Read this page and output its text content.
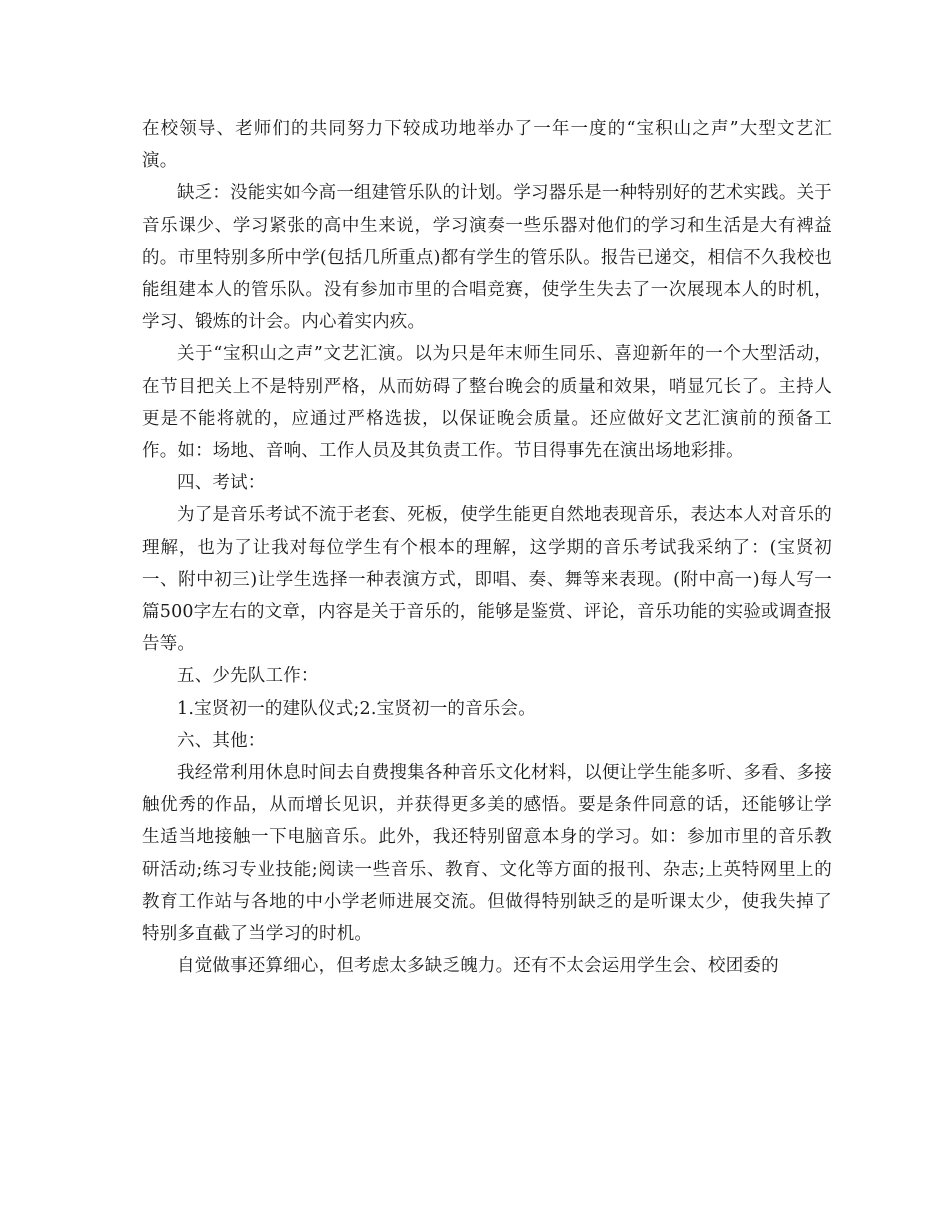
在校领导、老师们的共同努力下较成功地举办了一年一度的“宝积山之声”大型文艺汇演。

缺乏：没能实如今高一组建管乐队的计划。学习器乐是一种特别好的艺术实践。关于音乐课少、学习紧张的高中生来说，学习演奏一些乐器对他们的学习和生活是大有裨益的。市里特别多所中学(包括几所重点)都有学生的管乐队。报告已递交，相信不久我校也能组建本人的管乐队。没有参加市里的合唱竞赛，使学生失去了一次展现本人的时机，学习、锻炼的计会。内心着实内疚。

关于“宝积山之声”文艺汇演。以为只是年末师生同乐、喜迎新年的一个大型活动，在节目把关上不是特别严格，从而妨碍了整台晚会的质量和效果，哨显冗长了。主持人更是不能将就的，应通过严格选拔，以保证晚会质量。还应做好文艺汇演前的预备工作。如：场地、音响、工作人员及其负责工作。节目得事先在演出场地彩排。

四、考试：

为了是音乐考试不流于老套、死板，使学生能更自然地表现音乐，表达本人对音乐的理解，也为了让我对每位学生有个根本的理解，这学期的音乐考试我采纳了：(宝贤初一、附中初三)让学生选择一种表演方式，即唱、奏、舞等来表现。(附中高一)每人写一篇500字左右的文章，内容是关于音乐的，能够是鉴赏、评论，音乐功能的实验或调查报告等。

五、少先队工作：

1.宝贤初一的建队仪式;2.宝贤初一的音乐会。

六、其他：

我经常利用休息时间去自费搜集各种音乐文化材料，以便让学生能多听、多看、多接触优秀的作品，从而增长见识，并获得更多美的感悟。要是条件同意的话，还能够让学生适当地接触一下电脑音乐。此外，我还特别留意本身的学习。如：参加市里的音乐教研活动;练习专业技能;阅读一些音乐、教育、文化等方面的报刊、杂志;上英特网里上的教育工作站与各地的中小学老师进展交流。但做得特别缺乏的是听课太少，使我失掉了特别多直截了当学习的时机。

自觉做事还算细心，但考虑太多缺乏魄力。还有不太会运用学生会、校团委的
